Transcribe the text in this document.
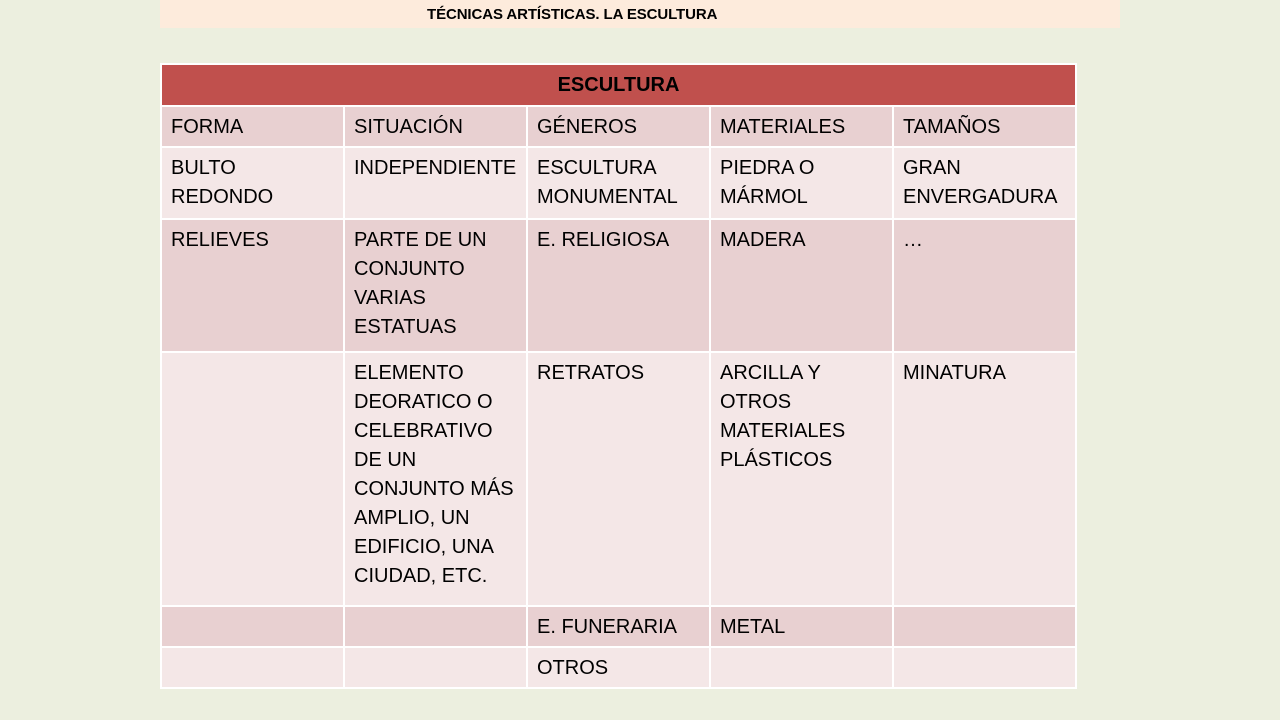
TÉCNICAS ARTÍSTICAS. LA ESCULTURA
ESCULTURA				
FORMA	SITUACIÓN	GÉNEROS	MATERIALES	TAMAÑOS
BULTO REDONDO	INDEPENDIENTE	ESCULTURA MONUMENTAL	PIEDRA O MÁRMOL	GRAN ENVERGADURA
RELIEVES	PARTE DE UN CONJUNTO VARIAS ESTATUAS	E. RELIGIOSA	MADERA	…
	ELEMENTO DEORATICO O CELEBRATIVO DE UN CONJUNTO MÁS AMPLIO, UN EDIFICIO, UNA CIUDAD, ETC.	RETRATOS	ARCILLA Y OTROS MATERIALES PLÁSTICOS	MINATURA
		E. FUNERARIA	METAL	
		OTROS		
